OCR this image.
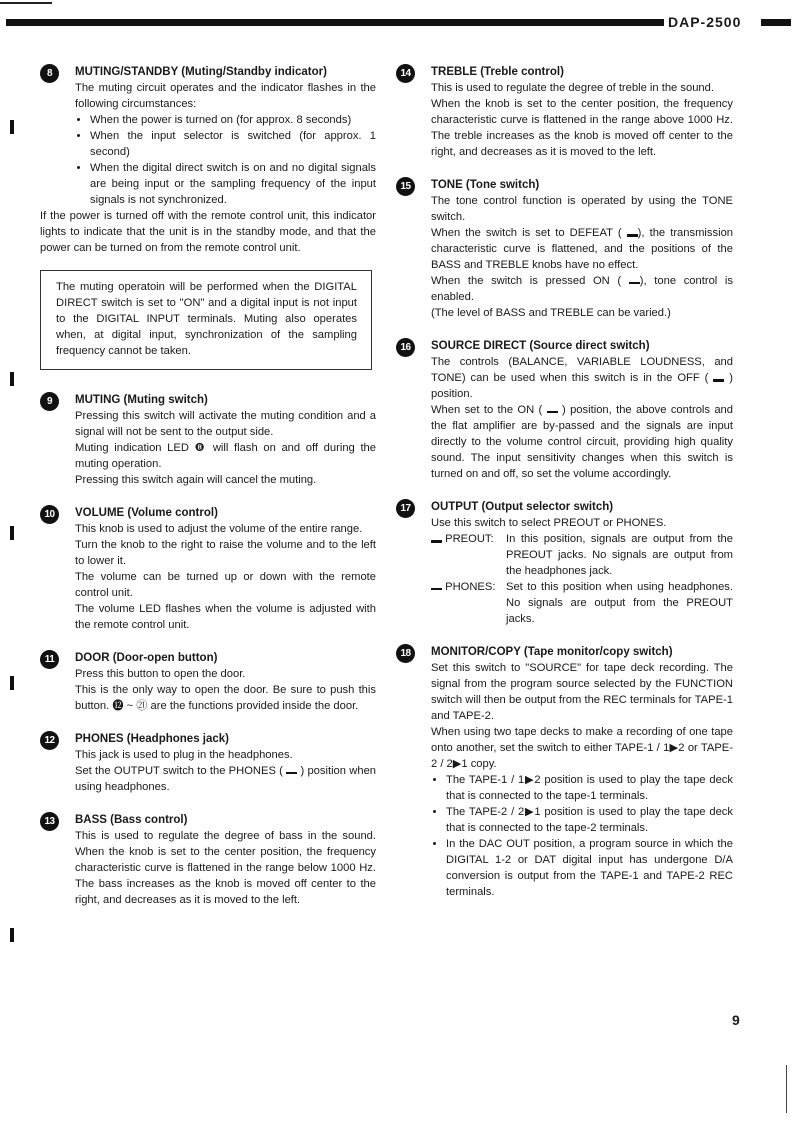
DAP-2500
8	MUTING/STANDBY (Muting/Standby indicator)

The muting circuit operates and the indicator flashes in the following circumstances:

• When the power is turned on (for approx. 8 seconds)
• When the input selector is switched (for approx. 1 second)
• When the digital direct switch is on and no digital signals are being input or the sampling frequency of the input signals is not synchronized.

If the power is turned off with the remote control unit, this indicator lights to indicate that the unit is in the standby mode, and that the power can be turned on from the remote control unit.

The muting operatoin will be performed when the DIGITAL DIRECT switch is set to "ON" and a digital input is not input to the DIGITAL INPUT terminals. Muting also operates when, at digital input, synchronization of the sampling frequency cannot be taken.

9	MUTING (Muting switch)

Pressing this switch will activate the muting condition and a signal will not be sent to the output side.

Muting indication LED ❽ will flash on and off during the muting operation.

Pressing this switch again will cancel the muting.

10	VOLUME (Volume control)

This knob is used to adjust the volume of the entire range.

Turn the knob to the right to raise the volume and to the left to lower it.

The volume can be turned up or down with the remote control unit.

The volume LED flashes when the volume is adjusted with the remote control unit.

11	DOOR (Door-open button)

Press this button to open the door.

This is the only way to open the door. Be sure to push this button. ⓬ ~ ㉑ are the functions provided inside the door.

12	PHONES (Headphones jack)

This jack is used to plug in the headphones.

Set the OUTPUT switch to the PHONES ( ) position when using headphones.

13	BASS (Bass control)

This is used to regulate the degree of bass in the sound. When the knob is set to the center position, the frequency characteristic curve is flattened in the range below 1000 Hz. The bass increases as the knob is moved off center to the right, and decreases as it is moved to the left.

14	TREBLE (Treble control)

This is used to regulate the degree of treble in the sound.

When the knob is set to the center position, the frequency characteristic curve is flattened in the range above 1000 Hz. The treble increases as the knob is moved off center to the right, and decreases as it is moved to the left.

15	TONE (Tone switch)

The tone control function is operated by using the TONE switch.

When the switch is set to DEFEAT ( ), the transmission characteristic curve is flattened, and the positions of the BASS and TREBLE knobs have no effect.

When the switch is pressed ON ( ), tone control is enabled.

(The level of BASS and TREBLE can be varied.)

16	SOURCE DIRECT (Source direct switch)

The controls (BALANCE, VARIABLE LOUDNESS, and TONE) can be used when this switch is in the OFF ( ) position.

When set to the ON ( ) position, the above controls and the flat amplifier are by-passed and the signals are input directly to the volume control circuit, providing high quality sound. The input sensitivity changes when this switch is turned on and off, so set the volume accordingly.

17	OUTPUT (Output selector switch)

Use this switch to select PREOUT or PHONES.

PREOUT:	In this position, signals are output from the PREOUT jacks. No signals are output from the headphones jack.

PHONES: Set to this position when using headphones. No signals are output from the PREOUT jacks.

18	MONITOR/COPY (Tape monitor/copy switch)

Set this switch to "SOURCE" for tape deck recording. The signal from the program source selected by the FUNCTION switch will then be output from the REC terminals for TAPE-1 and TAPE-2.

When using two tape decks to make a recording of one tape onto another, set the switch to either TAPE-1 / 1▶2 or TAPE-2 / 2▶1 copy.

• The TAPE-1 / 1▶2 position is used to play the tape deck that is connected to the tape-1 terminals.
• The TAPE-2 / 2▶1 position is used to play the tape deck that is connected to the tape-2 terminals.
• In the DAC OUT position, a program source in which the DIGITAL 1-2 or DAT digital input has undergone D/A conversion is output from the TAPE-1 and TAPE-2 REC terminals.
9
